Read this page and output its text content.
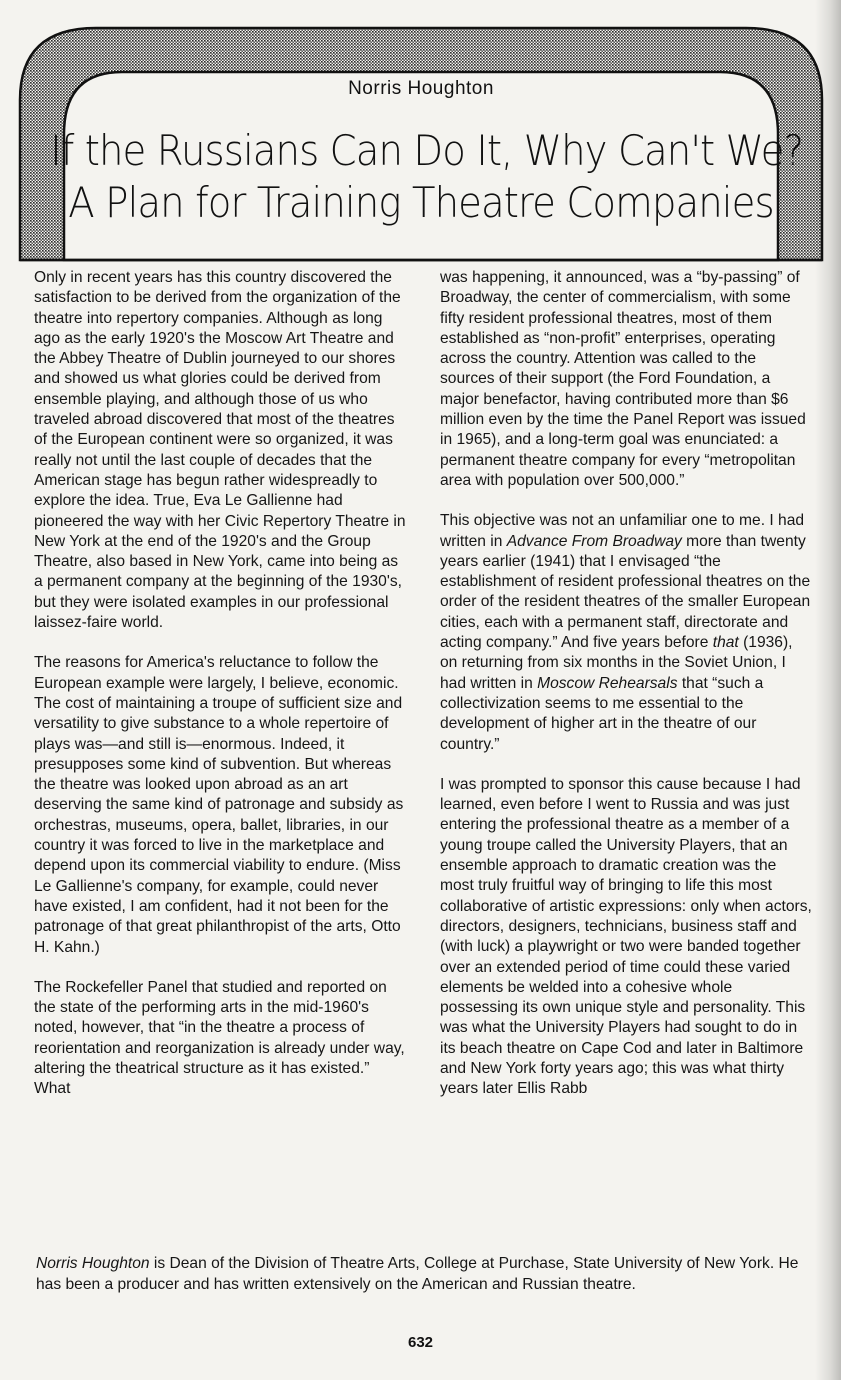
Norris Houghton
If the Russians Can Do It, Why Can't We?
A Plan for Training Theatre Companies

Only in recent years has this country discovered the satisfaction to be derived from the organization of the theatre into repertory companies. Although as long ago as the early 1920's the Moscow Art Theatre and the Abbey Theatre of Dublin journeyed to our shores and showed us what glories could be derived from ensemble playing, and although those of us who traveled abroad discovered that most of the theatres of the European continent were so organized, it was really not until the last couple of decades that the American stage has begun rather widespreadly to explore the idea. True, Eva Le Gallienne had pioneered the way with her Civic Repertory Theatre in New York at the end of the 1920's and the Group Theatre, also based in New York, came into being as a permanent company at the beginning of the 1930's, but they were isolated examples in our professional laissez-faire world.

The reasons for America's reluctance to follow the European example were largely, I believe, economic. The cost of maintaining a troupe of sufficient size and versatility to give substance to a whole repertoire of plays was—and still is—enormous. Indeed, it presupposes some kind of subvention. But whereas the theatre was looked upon abroad as an art deserving the same kind of patronage and subsidy as orchestras, museums, opera, ballet, libraries, in our country it was forced to live in the marketplace and depend upon its commercial viability to endure. (Miss Le Gallienne's company, for example, could never have existed, I am confident, had it not been for the patronage of that great philanthropist of the arts, Otto H. Kahn.)

The Rockefeller Panel that studied and reported on the state of the performing arts in the mid-1960's noted, however, that “in the theatre a process of reorientation and reorganization is already under way, altering the theatrical structure as it has existed.” What

was happening, it announced, was a “by-passing” of Broadway, the center of commercialism, with some fifty resident professional theatres, most of them established as “non-profit” enterprises, operating across the country. Attention was called to the sources of their support (the Ford Foundation, a major benefactor, having contributed more than $6 million even by the time the Panel Report was issued in 1965), and a long-term goal was enunciated: a permanent theatre company for every “metropolitan area with population over 500,000.”

This objective was not an unfamiliar one to me. I had written in Advance From Broadway more than twenty years earlier (1941) that I envisaged “the establishment of resident professional theatres on the order of the resident theatres of the smaller European cities, each with a permanent staff, directorate and acting company.” And five years before that (1936), on returning from six months in the Soviet Union, I had written in Moscow Rehearsals that “such a collectivization seems to me essential to the development of higher art in the theatre of our country.”

I was prompted to sponsor this cause because I had learned, even before I went to Russia and was just entering the professional theatre as a member of a young troupe called the University Players, that an ensemble approach to dramatic creation was the most truly fruitful way of bringing to life this most collaborative of artistic expressions: only when actors, directors, designers, technicians, business staff and (with luck) a playwright or two were banded together over an extended period of time could these varied elements be welded into a cohesive whole possessing its own unique style and personality. This was what the University Players had sought to do in its beach theatre on Cape Cod and later in Baltimore and New York forty years ago; this was what thirty years later Ellis Rabb

Norris Houghton is Dean of the Division of Theatre Arts, College at Purchase, State University of New York. He has been a producer and has written extensively on the American and Russian theatre.
632
